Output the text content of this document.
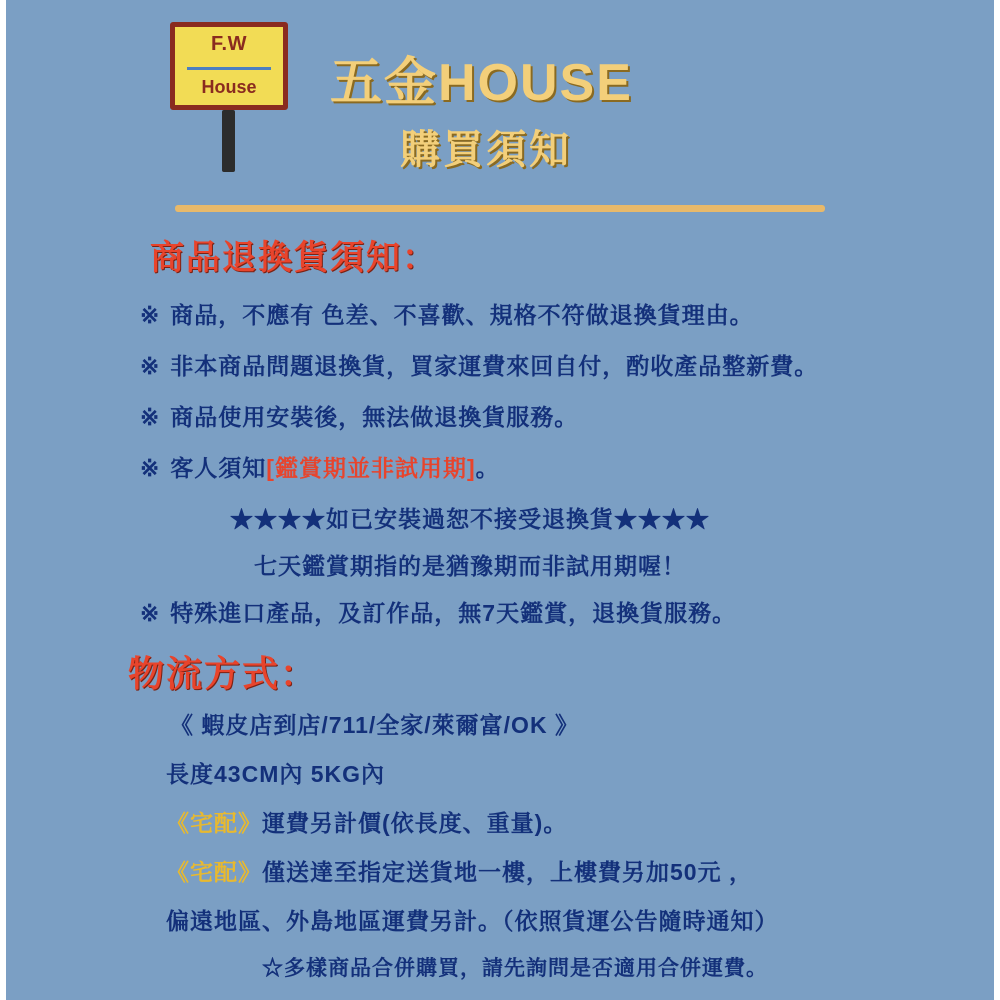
F.W
House	五金HOUSE
購買須知
商品退換貨須知：

※ 商品，不應有 色差、不喜歡、規格不符做退換貨理由。

※ 非本商品問題退換貨，買家運費來回自付，酌收產品整新費。

※ 商品使用安裝後，無法做退換貨服務。

※ 客人須知[鑑賞期並非試用期]。

★★★★如已安裝過恕不接受退換貨★★★★

七天鑑賞期指的是猶豫期而非試用期喔！

※ 特殊進口產品，及訂作品，無7天鑑賞，退換貨服務。

物流方式：

《 蝦皮店到店/711/全家/萊爾富/OK 》

長度43CM內 5KG內

《宅配》運費另計價(依長度、重量)。

《宅配》僅送達至指定送貨地一樓，上樓費另加50元 ，

偏遠地區、外島地區運費另計。（依照貨運公告隨時通知）

☆多樣商品合併購買，請先詢問是否適用合併運費。
